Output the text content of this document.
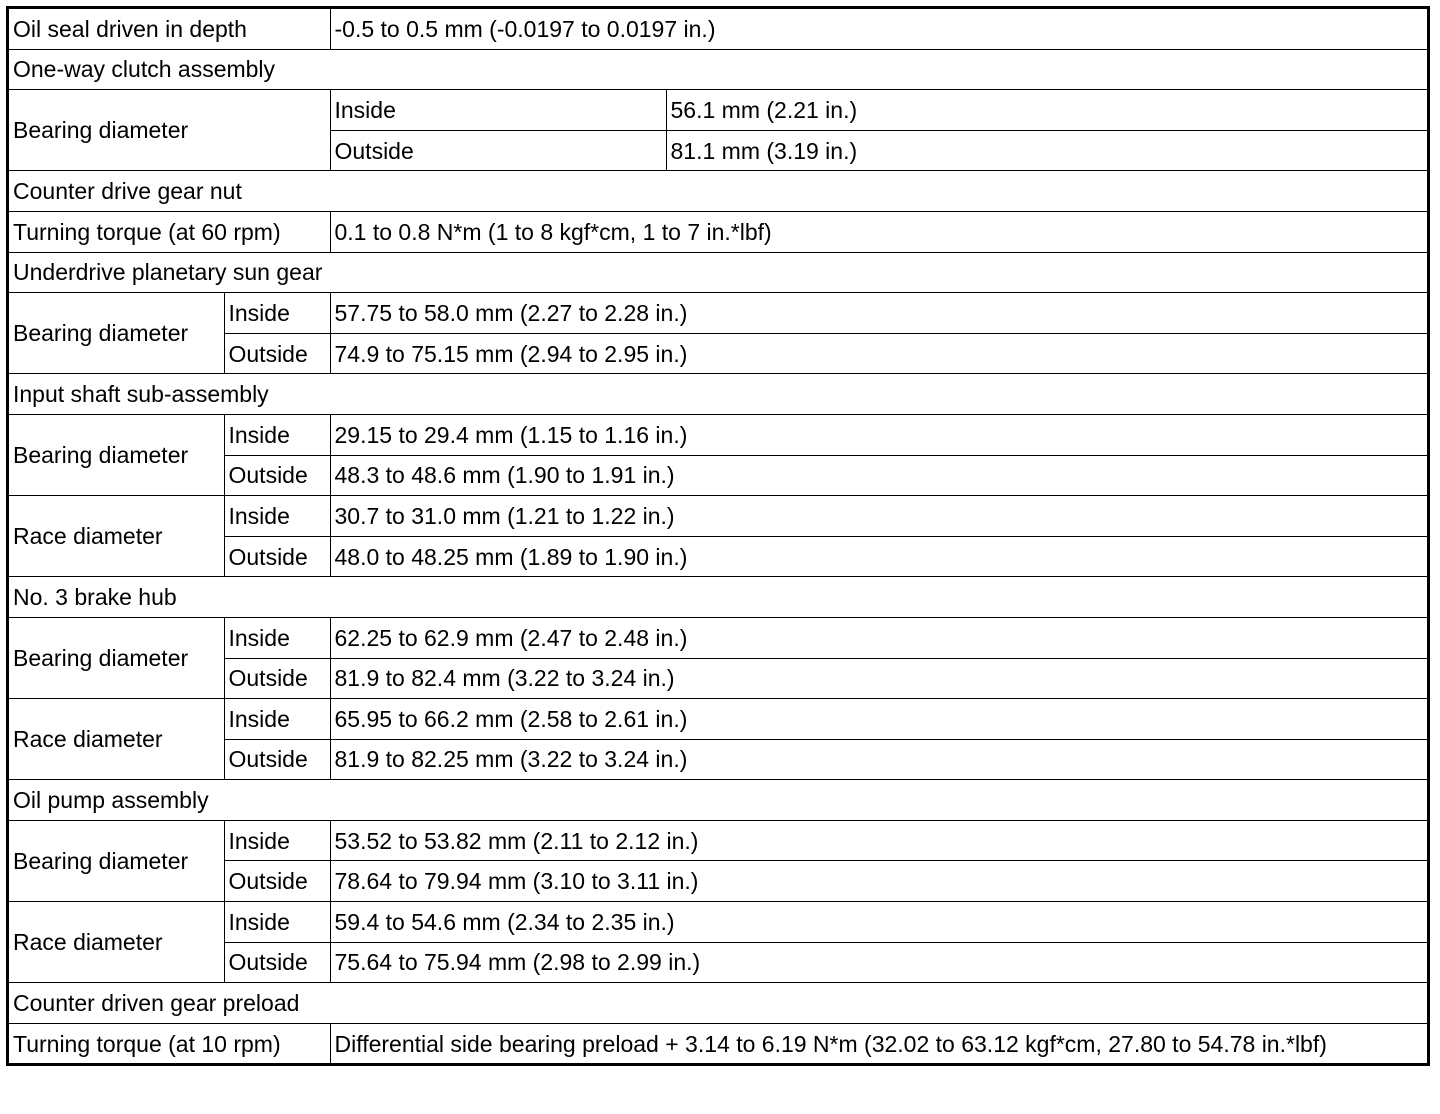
Oil seal driven in depth		-0.5 to 0.5 mm (-0.0197 to 0.0197 in.)	
One-way clutch assembly			
Bearing diameter		Inside	56.1 mm (2.21 in.)
		Outside	81.1 mm (3.19 in.)
Counter drive gear nut			
Turning torque (at 60 rpm)		0.1 to 0.8 N*m (1 to 8 kgf*cm, 1 to 7 in.*lbf)	
Underdrive planetary sun gear			
Bearing diameter	Inside	57.75 to 58.0 mm (2.27 to 2.28 in.)	
	Outside	74.9 to 75.15 mm (2.94 to 2.95 in.)	
Input shaft sub-assembly			
Bearing diameter	Inside	29.15 to 29.4 mm (1.15 to 1.16 in.)	
	Outside	48.3 to 48.6 mm (1.90 to 1.91 in.)	
Race diameter	Inside	30.7 to 31.0 mm (1.21 to 1.22 in.)	
	Outside	48.0 to 48.25 mm (1.89 to 1.90 in.)	
No. 3 brake hub			
Bearing diameter	Inside	62.25 to 62.9 mm (2.47 to 2.48 in.)	
	Outside	81.9 to 82.4 mm (3.22 to 3.24 in.)	
Race diameter	Inside	65.95 to 66.2 mm (2.58 to 2.61 in.)	
	Outside	81.9 to 82.25 mm (3.22 to 3.24 in.)	
Oil pump assembly			
Bearing diameter	Inside	53.52 to 53.82 mm (2.11 to 2.12 in.)	
	Outside	78.64 to 79.94 mm (3.10 to 3.11 in.)	
Race diameter	Inside	59.4 to 54.6 mm (2.34 to 2.35 in.)	
	Outside	75.64 to 75.94 mm (2.98 to 2.99 in.)	
Counter driven gear preload			
Turning torque (at 10 rpm)		Differential side bearing preload + 3.14 to 6.19 N*m (32.02 to 63.12 kgf*cm, 27.80 to 54.78 in.*lbf)	
